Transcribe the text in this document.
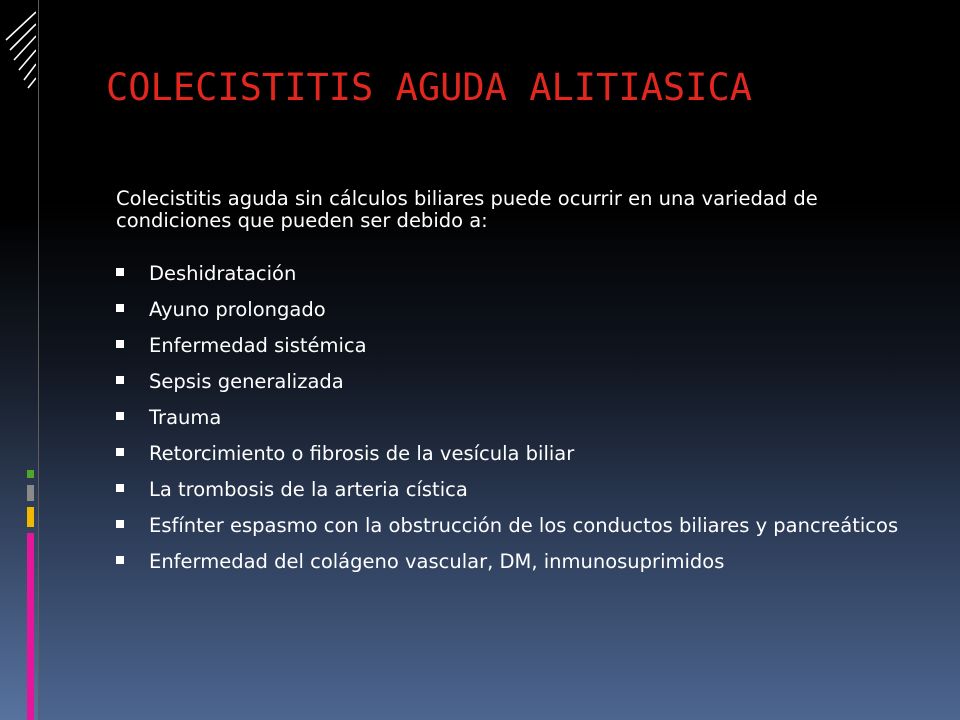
COLECISTITIS AGUDA ALITIASICA

Colecistitis aguda sin cálculos biliares puede ocurrir en una variedad de condiciones que pueden ser debido a:

Deshidratación
Ayuno prolongado
Enfermedad sistémica
Sepsis generalizada
Trauma
Retorcimiento o fibrosis de la vesícula biliar
La trombosis de la arteria cística
Esfínter espasmo con la obstrucción de los conductos biliares y pancreáticos
Enfermedad del colágeno vascular, DM, inmunosuprimidos
